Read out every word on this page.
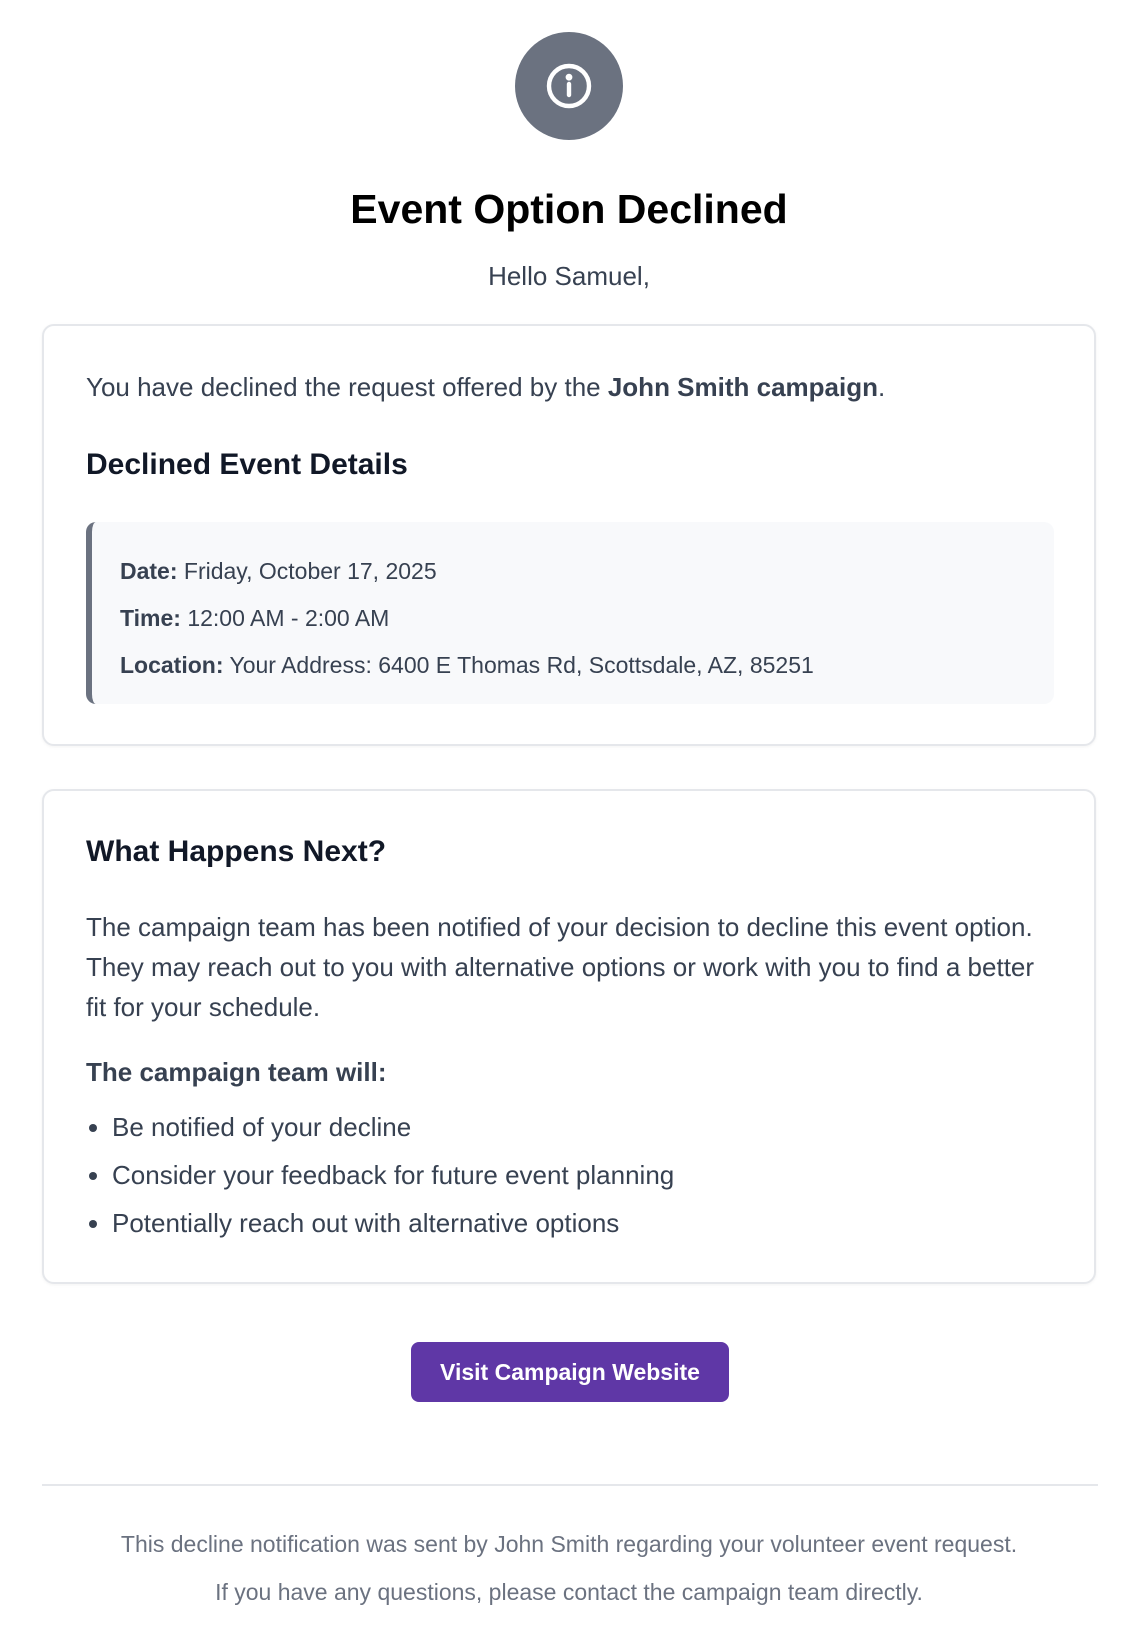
Event Option Declined
Hello Samuel,
You have declined the request offered by the John Smith campaign.
Declined Event Details
Date: Friday, October 17, 2025
Time: 12:00 AM - 2:00 AM
Location: Your Address: 6400 E Thomas Rd, Scottsdale, AZ, 85251
What Happens Next?
The campaign team has been notified of your decision to decline this event option. They may reach out to you with alternative options or work with you to find a better fit for your schedule.
The campaign team will:
• Be notified of your decline
• Consider your feedback for future event planning
• Potentially reach out with alternative options
Visit Campaign Website
This decline notification was sent by John Smith regarding your volunteer event request.
If you have any questions, please contact the campaign team directly.
